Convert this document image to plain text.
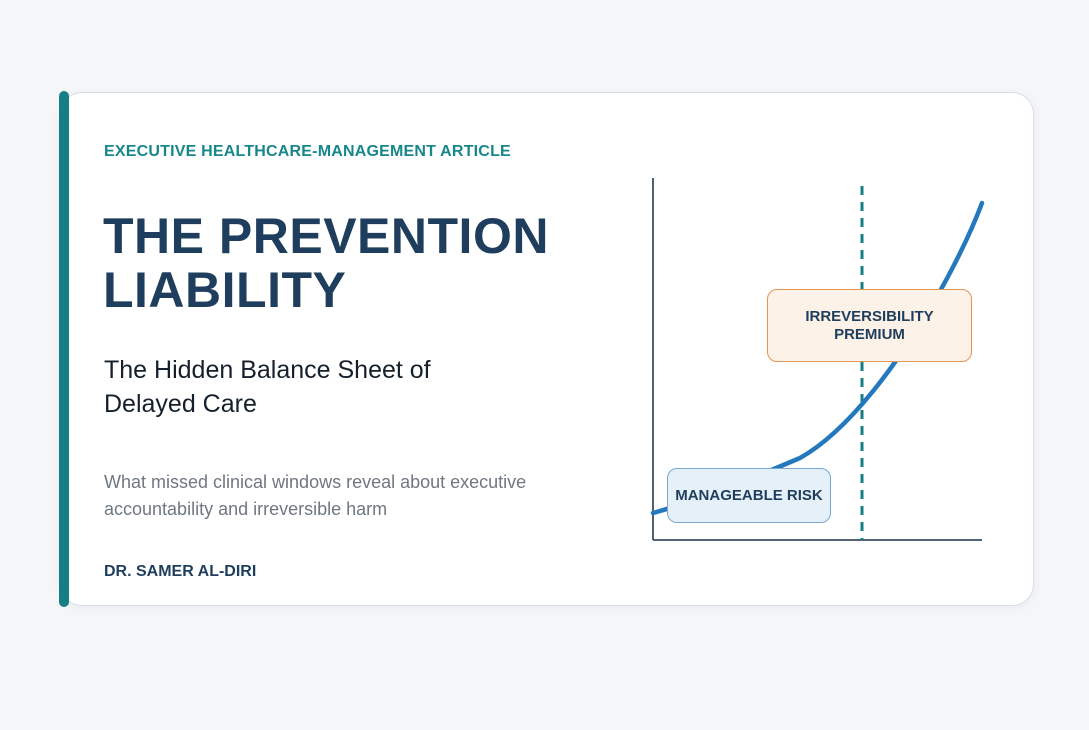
EXECUTIVE HEALTHCARE-MANAGEMENT ARTICLE
THE PREVENTION LIABILITY

The Hidden Balance Sheet of Delayed Care

What missed clinical windows reveal about executive accountability and irreversible harm

DR. SAMER AL-DIRI
IRREVERSIBILITY PREMIUM
MANAGEABLE RISK
